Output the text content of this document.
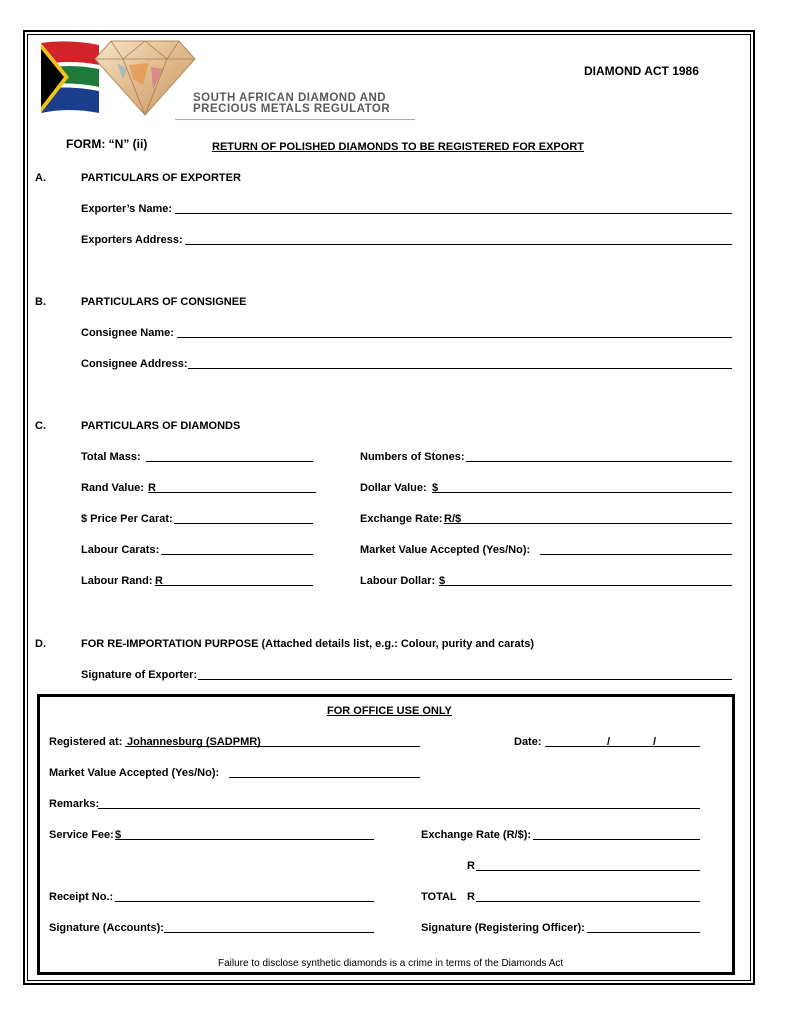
SOUTH AFRICAN DIAMOND AND
PRECIOUS METALS REGULATOR
DIAMOND ACT 1986
FORM: “N” (ii)	RETURN OF POLISHED DIAMONDS TO BE REGISTERED FOR EXPORT
A.	PARTICULARS OF EXPORTER
Exporter’s Name:
Exporters Address:
B.	PARTICULARS OF CONSIGNEE
Consignee Name:
Consignee Address:
C.	PARTICULARS OF DIAMONDS
Total Mass:	Numbers of Stones:
Rand Value: R	Dollar Value: $
$ Price Per Carat:	Exchange Rate: R/$
Labour Carats:	Market Value Accepted (Yes/No):
Labour Rand: R	Labour Dollar: $
D.	FOR RE-IMPORTATION PURPOSE (Attached details list, e.g.: Colour, purity and carats)
Signature of Exporter:
FOR OFFICE USE ONLY
Registered at: Johannesburg (SADPMR)	Date:	/	/
Market Value Accepted (Yes/No):
Remarks:
Service Fee: $	Exchange Rate (R/$):
R
Receipt No.:	TOTAL R
Signature (Accounts):	Signature (Registering Officer):
Failure to disclose synthetic diamonds is a crime in terms of the Diamonds Act
